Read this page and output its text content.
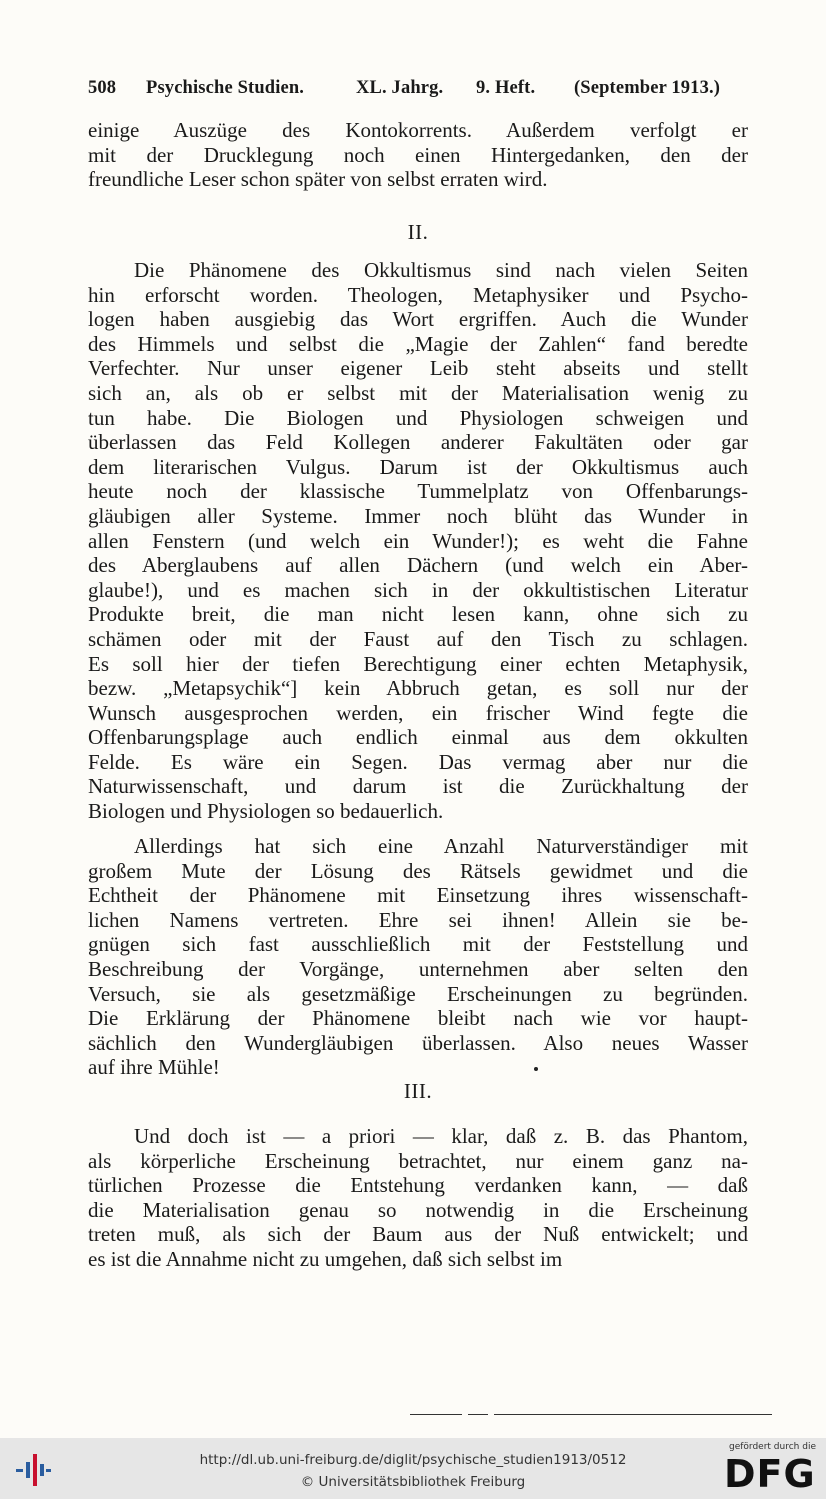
508 Psychische Studien.	XL. Jahrg. 9. Heft. (September 1913.)
einige Auszüge des Kontokorrents. Außerdem verfolgt er
mit der Drucklegung noch einen Hintergedanken, den der
freundliche Leser schon später von selbst erraten wird.
II.
Die Phänomene des Okkultismus sind nach vielen Seiten
hin erforscht worden. Theologen, Metaphysiker und Psycho-
logen haben ausgiebig das Wort ergriffen. Auch die Wunder
des Himmels und selbst die „Magie der Zahlen“ fand beredte
Verfechter. Nur unser eigener Leib steht abseits und stellt
sich an, als ob er selbst mit der Materialisation wenig zu
tun habe. Die Biologen und Physiologen schweigen und
überlassen das Feld Kollegen anderer Fakultäten oder gar
dem literarischen Vulgus. Darum ist der Okkultismus auch
heute noch der klassische Tummelplatz von Offenbarungs-
gläubigen aller Systeme. Immer noch blüht das Wunder in
allen Fenstern (und welch ein Wunder!); es weht die Fahne
des Aberglaubens auf allen Dächern (und welch ein Aber-
glaube!), und es machen sich in der okkultistischen Literatur
Produkte breit, die man nicht lesen kann, ohne sich zu
schämen oder mit der Faust auf den Tisch zu schlagen.
Es soll hier der tiefen Berechtigung einer echten Metaphysik,
bezw. „Metapsychik“] kein Abbruch getan, es soll nur der
Wunsch ausgesprochen werden, ein frischer Wind fegte die
Offenbarungsplage auch endlich einmal aus dem okkulten
Felde. Es wäre ein Segen. Das vermag aber nur die
Naturwissenschaft, und darum ist die Zurückhaltung der
Biologen und Physiologen so bedauerlich.
Allerdings hat sich eine Anzahl Naturverständiger mit
großem Mute der Lösung des Rätsels gewidmet und die
Echtheit der Phänomene mit Einsetzung ihres wissenschaft-
lichen Namens vertreten. Ehre sei ihnen! Allein sie be-
gnügen sich fast ausschließlich mit der Feststellung und
Beschreibung der Vorgänge, unternehmen aber selten den
Versuch, sie als gesetzmäßige Erscheinungen zu begründen.
Die Erklärung der Phänomene bleibt nach wie vor haupt-
sächlich den Wundergläubigen überlassen. Also neues Wasser
auf ihre Mühle!
III.
Und doch ist — a priori — klar, daß z. B. das Phantom,
als körperliche Erscheinung betrachtet, nur einem ganz na-
türlichen Prozesse die Entstehung verdanken kann, — daß
die Materialisation genau so notwendig in die Erscheinung
treten muß, als sich der Baum aus der Nuß entwickelt; und
es ist die Annahme nicht zu umgehen, daß sich selbst im
http://dl.ub.uni-freiburg.de/diglit/psychische_studien1913/0512
© Universitätsbibliothek Freiburg
gefördert durch die
DFG
